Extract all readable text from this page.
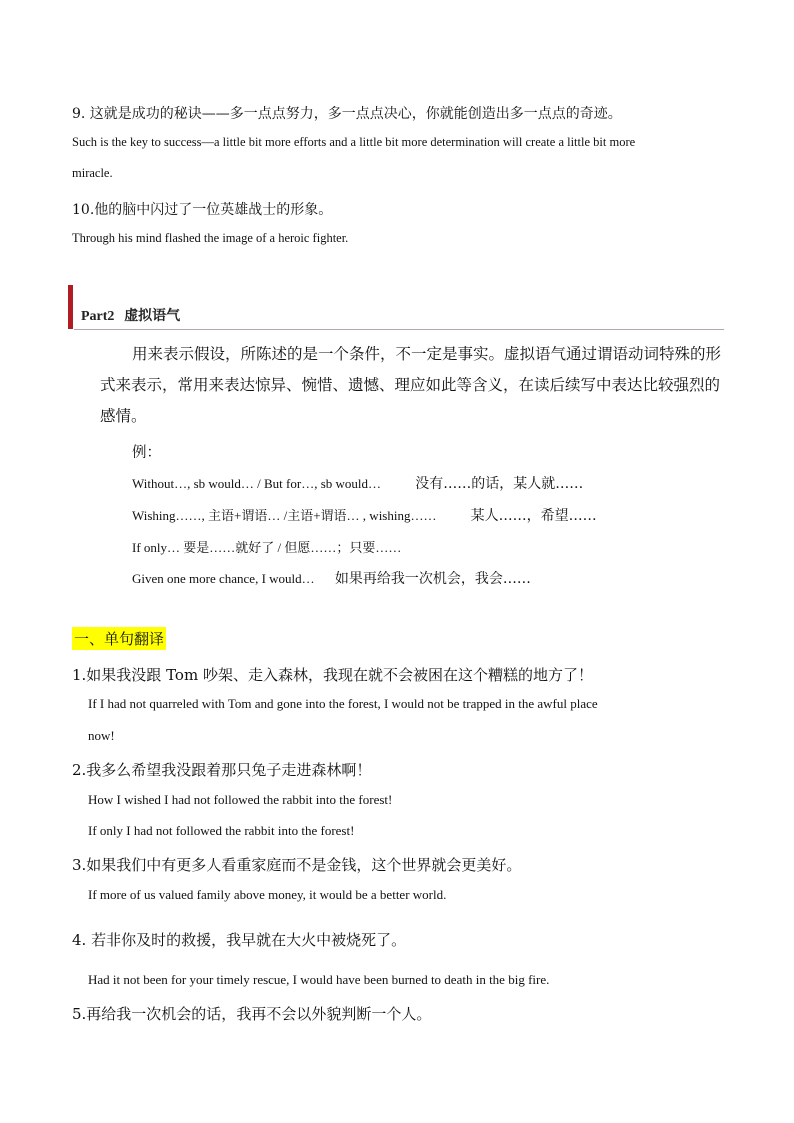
9. 这就是成功的秘诀——多一点点努力，多一点点决心，你就能创造出多一点点的奇迹。
Such is the key to success—a little bit more efforts and a little bit more determination will create a little bit more
miracle.
10.他的脑中闪过了一位英雄战士的形象。
Through his mind flashed the image of a heroic fighter.
Part2 虚拟语气
用来表示假设，所陈述的是一个条件，不一定是事实。虚拟语气通过谓语动词特殊的形式来表示，常用来表达惊异、惋惜、遗憾、理应如此等含义，在读后续写中表达比较强烈的感情。
例：
Without…, sb would… / But for…, sb would… 没有……的话，某人就……
Wishing……, 主语+谓语… /主语+谓语… , wishing…… 某人……，希望……
If only… 要是……就好了 / 但愿……；只要……
Given one more chance, I would… 如果再给我一次机会，我会……
一、单句翻译
1.如果我没跟 Tom 吵架、走入森林，我现在就不会被困在这个糟糕的地方了！
If I had not quarreled with Tom and gone into the forest, I would not be trapped in the awful place
now!
2.我多么希望我没跟着那只兔子走进森林啊！
How I wished I had not followed the rabbit into the forest!
If only I had not followed the rabbit into the forest!
3.如果我们中有更多人看重家庭而不是金钱，这个世界就会更美好。
If more of us valued family above money, it would be a better world.
4. 若非你及时的救援，我早就在大火中被烧死了。
Had it not been for your timely rescue, I would have been burned to death in the big fire.
5.再给我一次机会的话，我再不会以外貌判断一个人。
